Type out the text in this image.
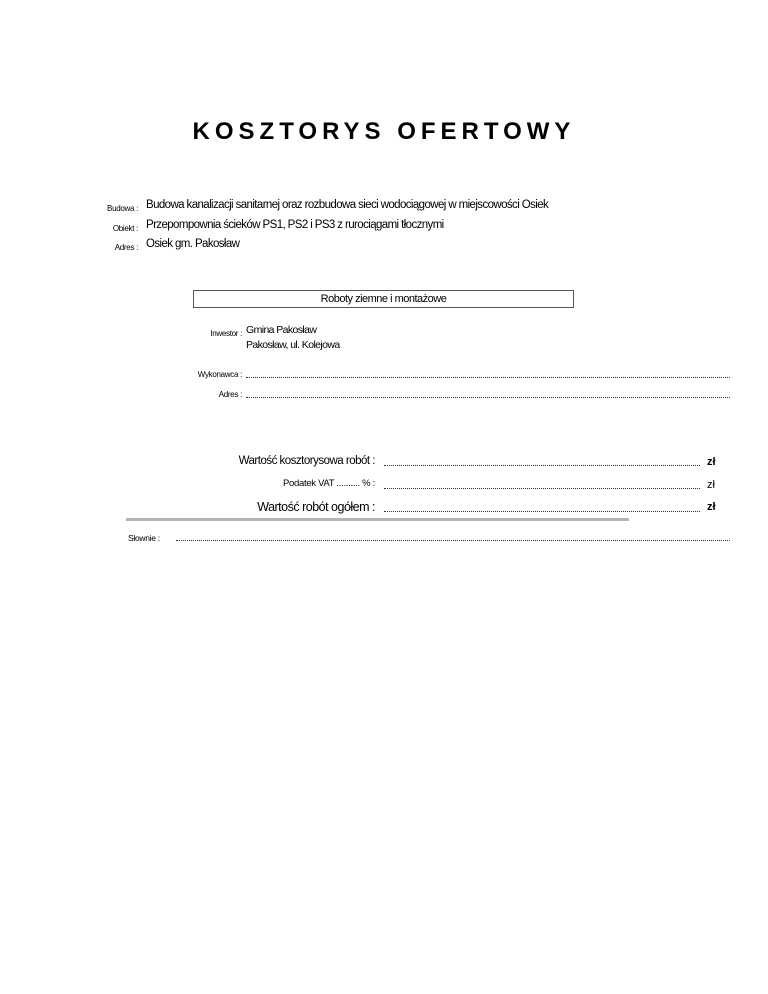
KOSZTORYS OFERTOWY
Budowa : Budowa kanalizacji sanitarnej oraz rozbudowa sieci wodociągowej w miejscowości Osiek
Obiekt : Przepompownia ścieków PS1, PS2 i PS3 z rurociągami tłocznymi
Adres : Osiek gm. Pakosław
Roboty ziemne i montażowe
Inwestor : Gmina Pakosław
Pakosław, ul. Kolejowa
Wykonawca :
Adres :
Wartość kosztorysowa robót :	zł
Podatek VAT .......... % :	zł
Wartość robót ogółem :	zł
Słownie :
